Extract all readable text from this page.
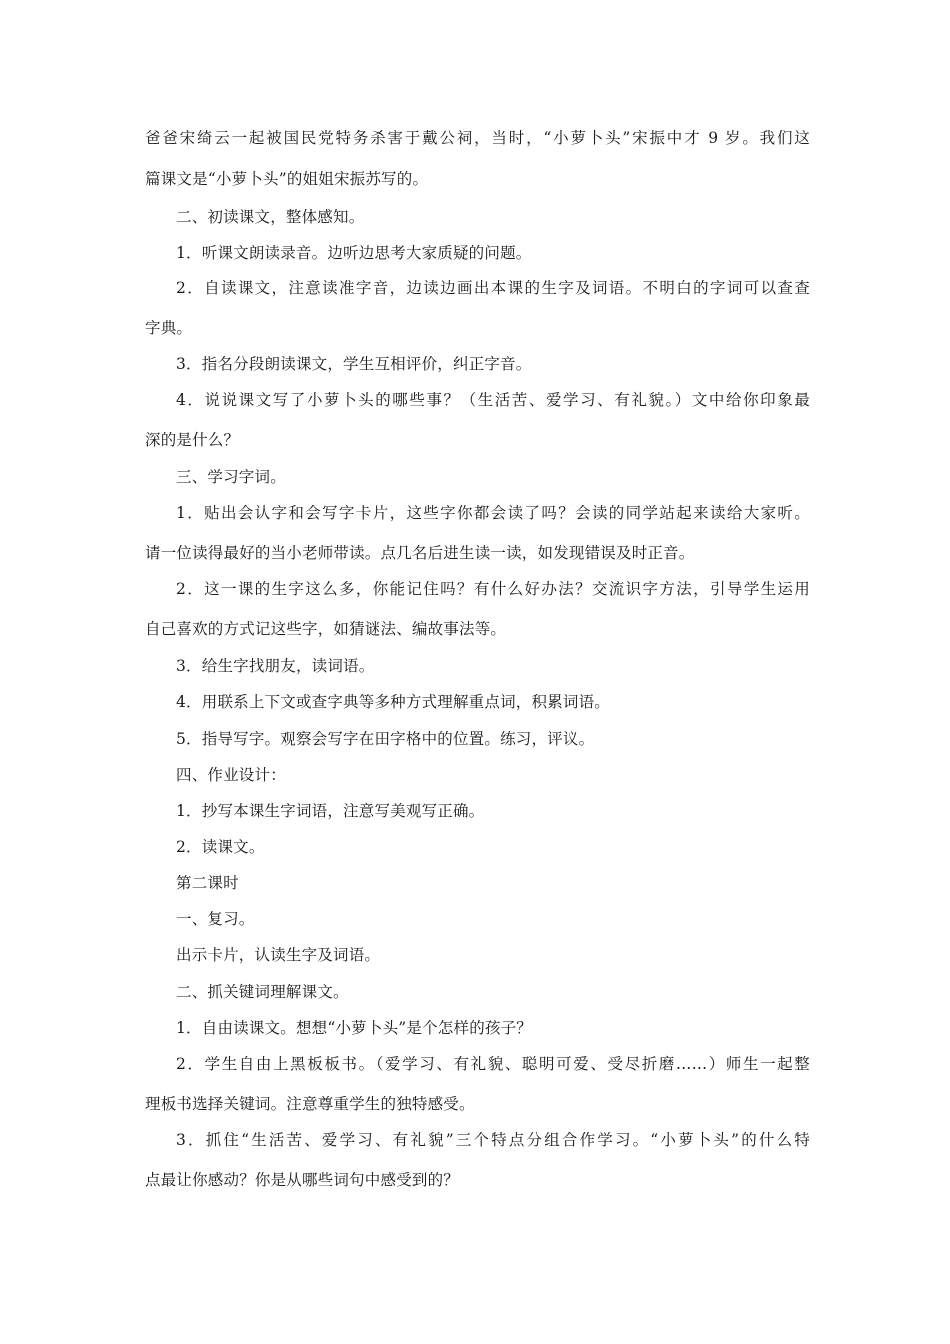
爸爸宋绮云一起被国民党特务杀害于戴公祠，当时，“小萝卜头”宋振中才 9 岁。我们这
篇课文是“小萝卜头”的姐姐宋振苏写的。
二、初读课文，整体感知。
1．听课文朗读录音。边听边思考大家质疑的问题。
2．自读课文，注意读准字音，边读边画出本课的生字及词语。不明白的字词可以查查
字典。
3．指名分段朗读课文，学生互相评价，纠正字音。
4．说说课文写了小萝卜头的哪些事？（生活苦、爱学习、有礼貌。）文中给你印象最
深的是什么？
三、学习字词。
1．贴出会认字和会写字卡片，这些字你都会读了吗？会读的同学站起来读给大家听。
请一位读得最好的当小老师带读。点几名后进生读一读，如发现错误及时正音。
2．这一课的生字这么多，你能记住吗？有什么好办法？交流识字方法，引导学生运用
自己喜欢的方式记这些字，如猜谜法、编故事法等。
3．给生字找朋友，读词语。
4．用联系上下文或查字典等多种方式理解重点词，积累词语。
5．指导写字。观察会写字在田字格中的位置。练习，评议。
四、作业设计：
1．抄写本课生字词语，注意写美观写正确。
2．读课文。
第二课时
一、复习。
出示卡片，认读生字及词语。
二、抓关键词理解课文。
1．自由读课文。想想“小萝卜头”是个怎样的孩子？
2．学生自由上黑板板书。（爱学习、有礼貌、聪明可爱、受尽折磨……）师生一起整
理板书选择关键词。注意尊重学生的独特感受。
3．抓住“生活苦、爱学习、有礼貌”三个特点分组合作学习。“小萝卜头”的什么特
点最让你感动？你是从哪些词句中感受到的？
